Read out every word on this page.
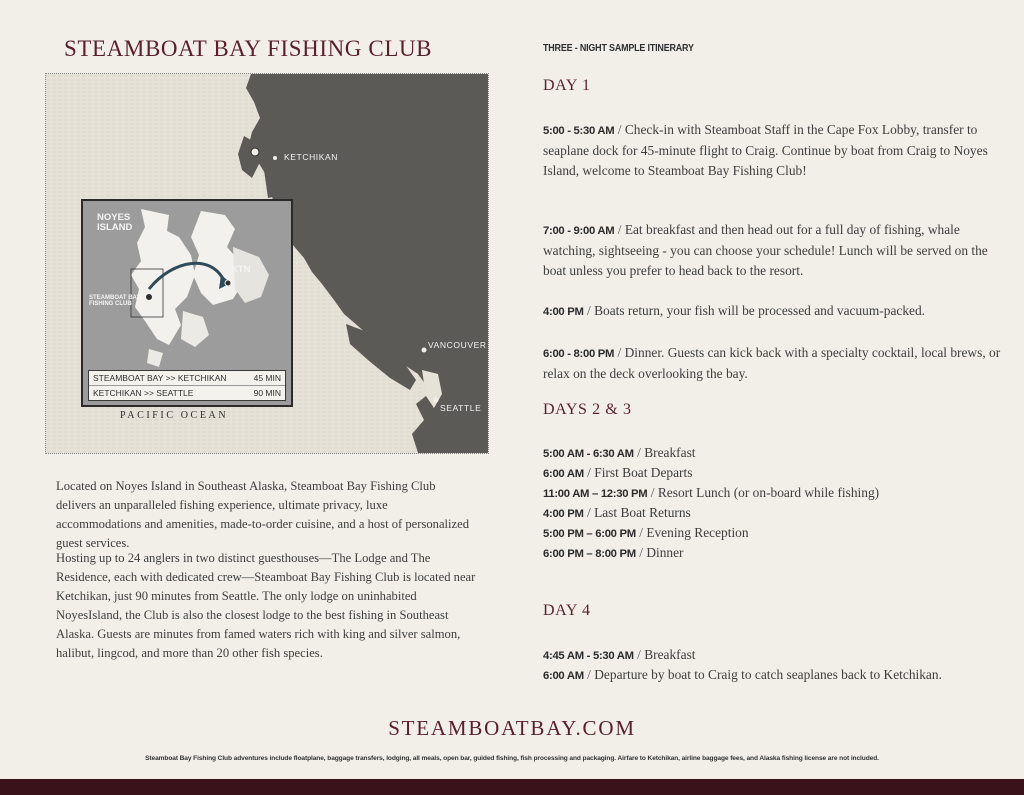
STEAMBOAT BAY FISHING CLUB
KETCHIKAN
VANCOUVER
SEATTLE
NOYES ISLAND
KTN
STEAMBOAT BAY FISHING CLUB
STEAMBOAT BAY >> KETCHIKAN	45 MIN
KETCHIKAN >> SEATTLE	90 MIN
PACIFIC OCEAN

Located on Noyes Island in Southeast Alaska, Steamboat Bay Fishing Club delivers an unparalleled fishing experience, ultimate privacy, luxe accommodations and amenities, made-to-order cuisine, and a host of personalized guest services.

Hosting up to 24 anglers in two distinct guesthouses—The Lodge and The Residence, each with dedicated crew—Steamboat Bay Fishing Club is located near Ketchikan, just 90 minutes from Seattle. The only lodge on uninhabited NoyesIsland, the Club is also the closest lodge to the best fishing in Southeast Alaska. Guests are minutes from famed waters rich with king and silver salmon, halibut, lingcod, and more than 20 other fish species.

THREE - NIGHT SAMPLE ITINERARY
DAY 1

5:00 - 5:30 AM / Check-in with Steamboat Staff in the Cape Fox Lobby, transfer to seaplane dock for 45-minute flight to Craig. Continue by boat from Craig to Noyes Island, welcome to Steamboat Bay Fishing Club!

7:00 - 9:00 AM / Eat breakfast and then head out for a full day of fishing, whale watching, sightseeing - you can choose your schedule! Lunch will be served on the boat unless you prefer to head back to the resort.

4:00 PM / Boats return, your fish will be processed and vacuum-packed.

6:00 - 8:00 PM / Dinner. Guests can kick back with a specialty cocktail, local brews, or relax on the deck overlooking the bay.

DAYS 2 & 3

5:00 AM - 6:30 AM / Breakfast

6:00 AM / First Boat Departs

11:00 AM – 12:30 PM / Resort Lunch (or on-board while fishing)

4:00 PM / Last Boat Returns

5:00 PM – 6:00 PM / Evening Reception

6:00 PM – 8:00 PM / Dinner

DAY 4

4:45 AM - 5:30 AM / Breakfast

6:00 AM / Departure by boat to Craig to catch seaplanes back to Ketchikan.

STEAMBOATBAY.COM
Steamboat Bay Fishing Club adventures include floatplane, baggage transfers, lodging, all meals, open bar, guided fishing, fish processing and packaging. Airfare to Ketchikan, airline baggage fees, and Alaska fishing license are not included.
